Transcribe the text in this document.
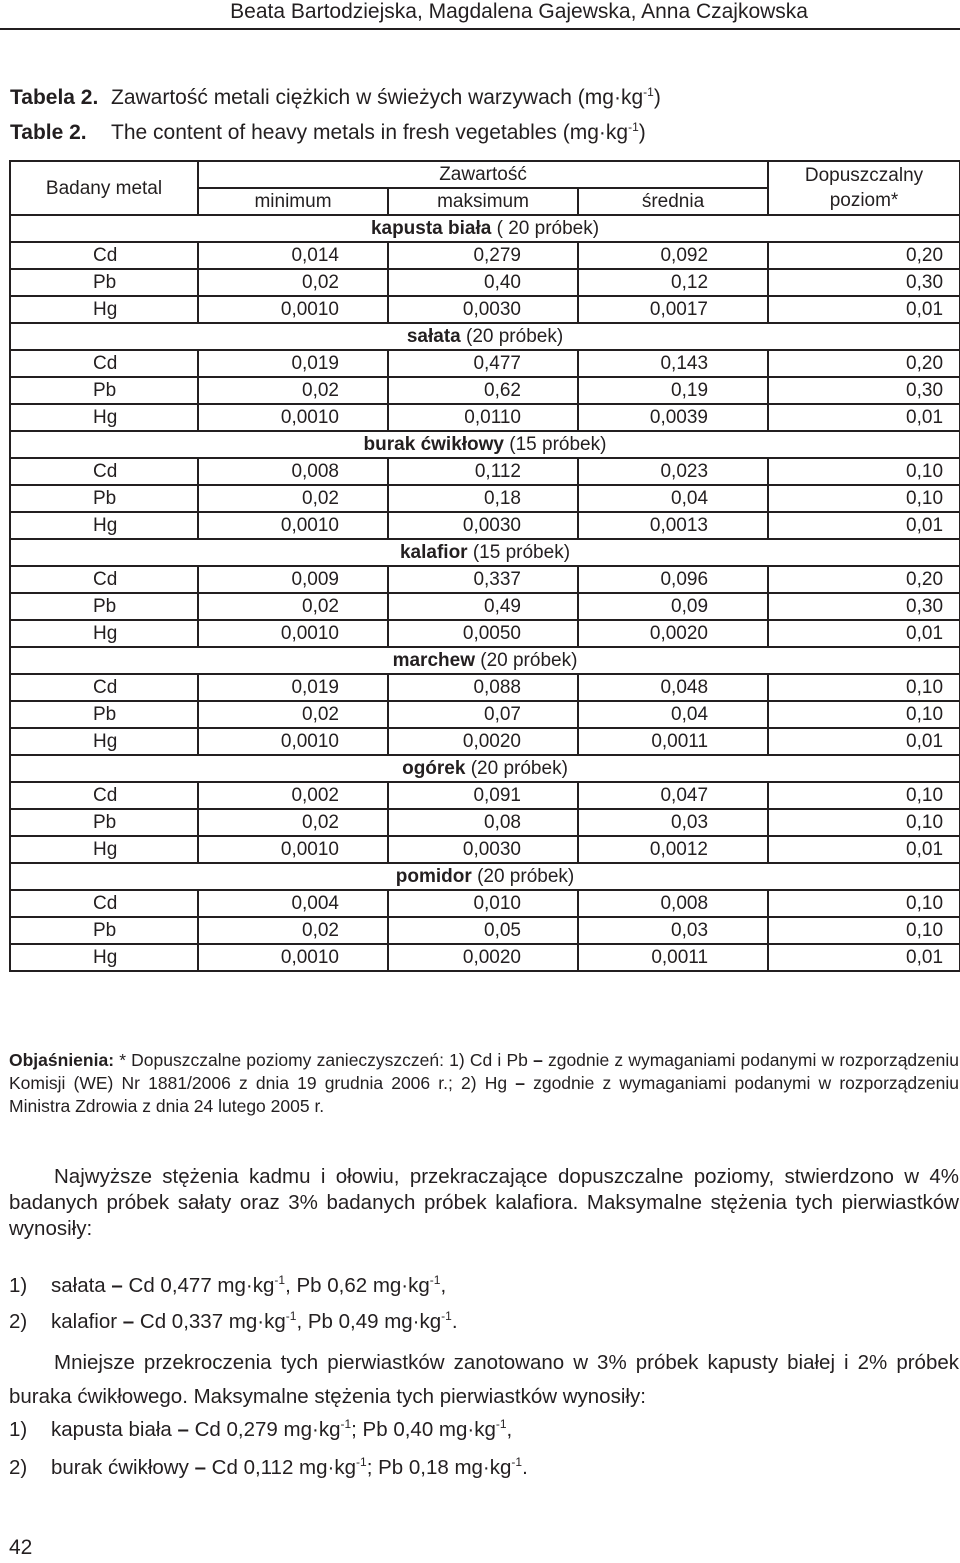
Beata Bartodziejska, Magdalena Gajewska, Anna Czajkowska
Tabela 2. Zawartość metali ciężkich w świeżych warzywach $(mg\cdot kg^{-1})$
Table 2. The content of heavy metals in fresh vegetables $(mg\cdot kg^{-1})$
Badany metal	Zawartość			Dopuszczalny poziom*
	minimum	maksimum	średnia	
kapusta biała ( 20 próbek)				
Cd	0,014	0,279	0,092	0,20
Pb	0,02	0,40	0,12	0,30
Hg	0,0010	0,0030	0,0017	0,01
sałata (20 próbek)				
Cd	0,019	0,477	0,143	0,20
Pb	0,02	0,62	0,19	0,30
Hg	0,0010	0,0110	0,0039	0,01
burak ćwikłowy (15 próbek)				
Cd	0,008	0,112	0,023	0,10
Pb	0,02	0,18	0,04	0,10
Hg	0,0010	0,0030	0,0013	0,01
kalafior (15 próbek)				
Cd	0,009	0,337	0,096	0,20
Pb	0,02	0,49	0,09	0,30
Hg	0,0010	0,0050	0,0020	0,01
marchew (20 próbek)				
Cd	0,019	0,088	0,048	0,10
Pb	0,02	0,07	0,04	0,10
Hg	0,0010	0,0020	0,0011	0,01
ogórek (20 próbek)				
Cd	0,002	0,091	0,047	0,10
Pb	0,02	0,08	0,03	0,10
Hg	0,0010	0,0030	0,0012	0,01
pomidor (20 próbek)				
Cd	0,004	0,010	0,008	0,10
Pb	0,02	0,05	0,03	0,10
Hg	0,0010	0,0020	0,0011	0,01
Objaśnienia: * Dopuszczalne poziomy zanieczyszczeń: 1) Cd i Pb – zgodnie z wymaganiami podanymi w rozporządzeniu Komisji (WE) Nr 1881/2006 z dnia 19 grudnia 2006 r.; 2) Hg – zgodnie z wymaganiami podanymi w rozporządzeniu Ministra Zdrowia z dnia 24 lutego 2005 r.
Najwyższe stężenia kadmu i ołowiu, przekraczające dopuszczalne poziomy, stwierdzono w 4% badanych próbek sałaty oraz 3% badanych próbek kalafiora. Maksymalne stężenia tych pierwiastków wynosiły:
1) sałata – Cd 0,477 $mg\cdot kg^{-1}$, Pb 0,62 $mg\cdot kg^{-1}$,
2) kalafior – Cd 0,337 $mg\cdot kg^{-1}$, Pb 0,49 $mg\cdot kg^{-1}$.
Mniejsze przekroczenia tych pierwiastków zanotowano w 3% próbek kapusty białej i 2% próbek buraka ćwikłowego. Maksymalne stężenia tych pierwiastków wynosiły:
1) kapusta biała – Cd 0,279 $mg\cdot kg^{-1}$; Pb 0,40 $mg\cdot kg^{-1}$,
2) burak ćwikłowy – Cd 0,112 $mg\cdot kg^{-1}$; Pb 0,18 $mg\cdot kg^{-1}$.
42
